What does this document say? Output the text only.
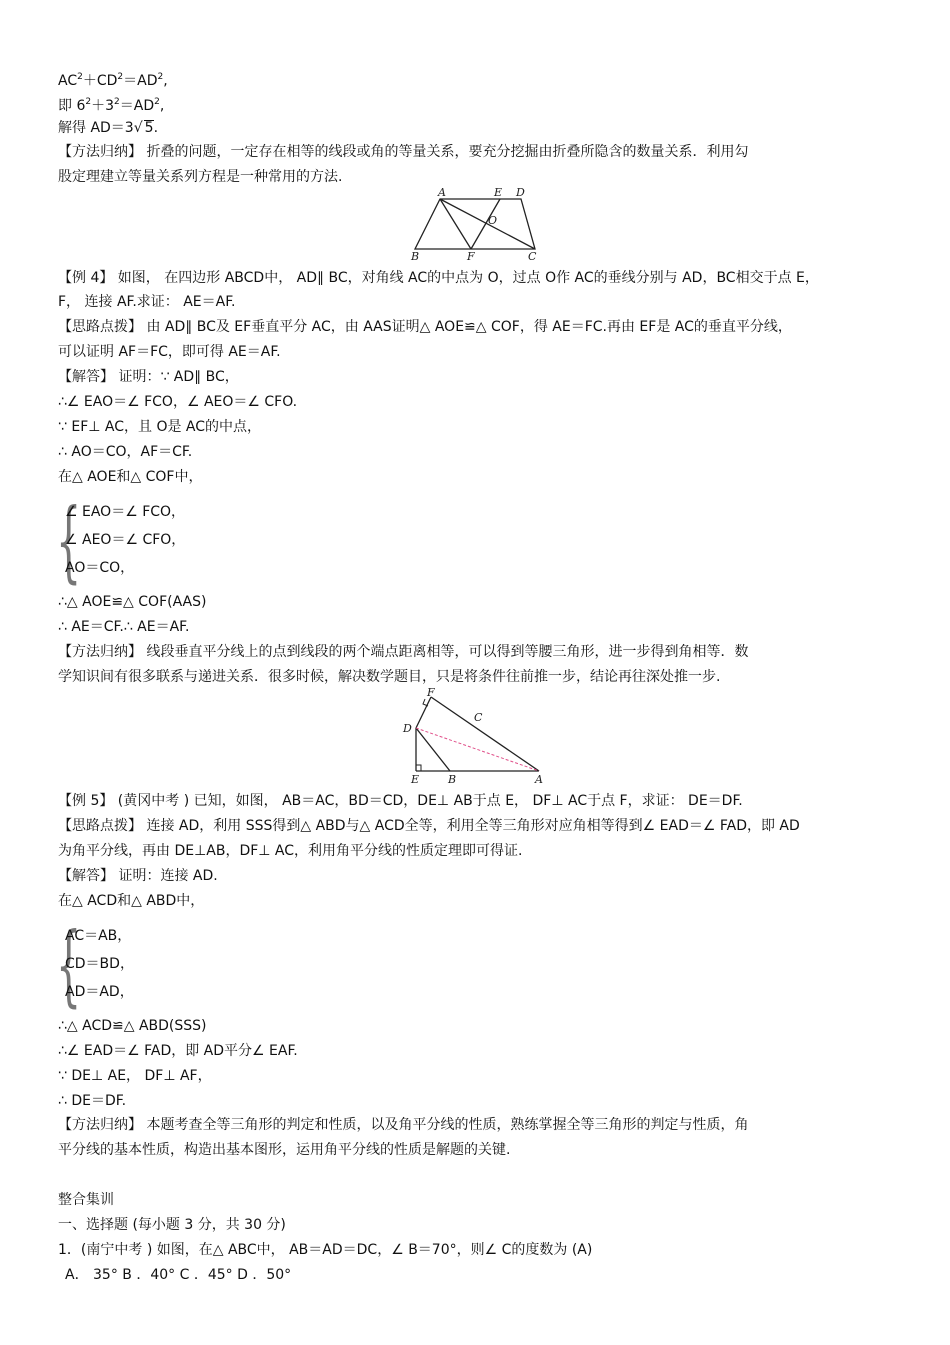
$AC^2+CD^2=AD^2$,
即 $6^2+3^2=AD^2$,
解得 AD＝3√ 5.
【方法归纳】 折叠的问题，一定存在相等的线段或角的等量关系，要充分挖掘由折叠所隐含的数量关系．利用勾
股定理建立等量关系列方程是一种常用的方法.
A	E D
O
B	F	C
【例 4】 如图， 在四边形 ABCD中， AD∥ BC，对角线 AC的中点为 O，过点 O作 AC的垂线分别与 AD，BC相交于点 E，
F， 连接 AF.求证： AE＝AF.
【思路点拨】 由 AD∥ BC及 EF垂直平分 AC，由 AAS证明△ AOE≌△ COF，得 AE＝FC.再由 EF是 AC的垂直平分线，
可以证明 AF＝FC，即可得 AE＝AF.
【解答】 证明：∵ AD∥ BC，
∴∠ EAO＝∠ FCO，∠ AEO＝∠ CFO.
∵ EF⊥ AC，且 O是 AC的中点，
∴ AO＝CO，AF＝CF.
在△ AOE和△ COF中，
{
∠ EAO＝∠ FCO，
∠ AEO＝∠ CFO，
AO＝CO，
∴△ AOE≌△ COF(AAS)
∴ AE＝CF.∴ AE＝AF.
【方法归纳】 线段垂直平分线上的点到线段的两个端点距离相等，可以得到等腰三角形，进一步得到角相等．数
学知识间有很多联系与递进关系．很多时候，解决数学题目，只是将条件往前推一步，结论再往深处推一步.
F
C
D
E	B	A
【例 5】 (黄冈中考 ) 已知，如图， AB＝AC，BD＝CD，DE⊥ AB于点 E， DF⊥ AC于点 F，求证： DE＝DF.
【思路点拨】 连接 AD，利用 SSS得到△ ABD与△ ACD全等，利用全等三角形对应角相等得到∠ EAD＝∠ FAD，即 AD
为角平分线，再由 DE⊥AB，DF⊥ AC，利用角平分线的性质定理即可得证.
【解答】 证明：连接 AD.
在△ ACD和△ ABD中，
{
AC＝AB，
CD＝BD，
AD＝AD，
∴△ ACD≌△ ABD(SSS)
∴∠ EAD＝∠ FAD，即 AD平分∠ EAF.
∵ DE⊥ AE， DF⊥ AF，
∴ DE＝DF.
【方法归纳】 本题考查全等三角形的判定和性质，以及角平分线的性质，熟练掌握全等三角形的判定与性质，角
平分线的基本性质，构造出基本图形，运用角平分线的性质是解题的关键.
整合集训
一、选择题 (每小题 3 分，共 30 分)
1．(南宁中考 ) 如图，在△ ABC中， AB＝AD＝DC，∠ B＝70°，则∠ C的度数为 (A)
A． 35° B ．40° C ．45° D ．50°
